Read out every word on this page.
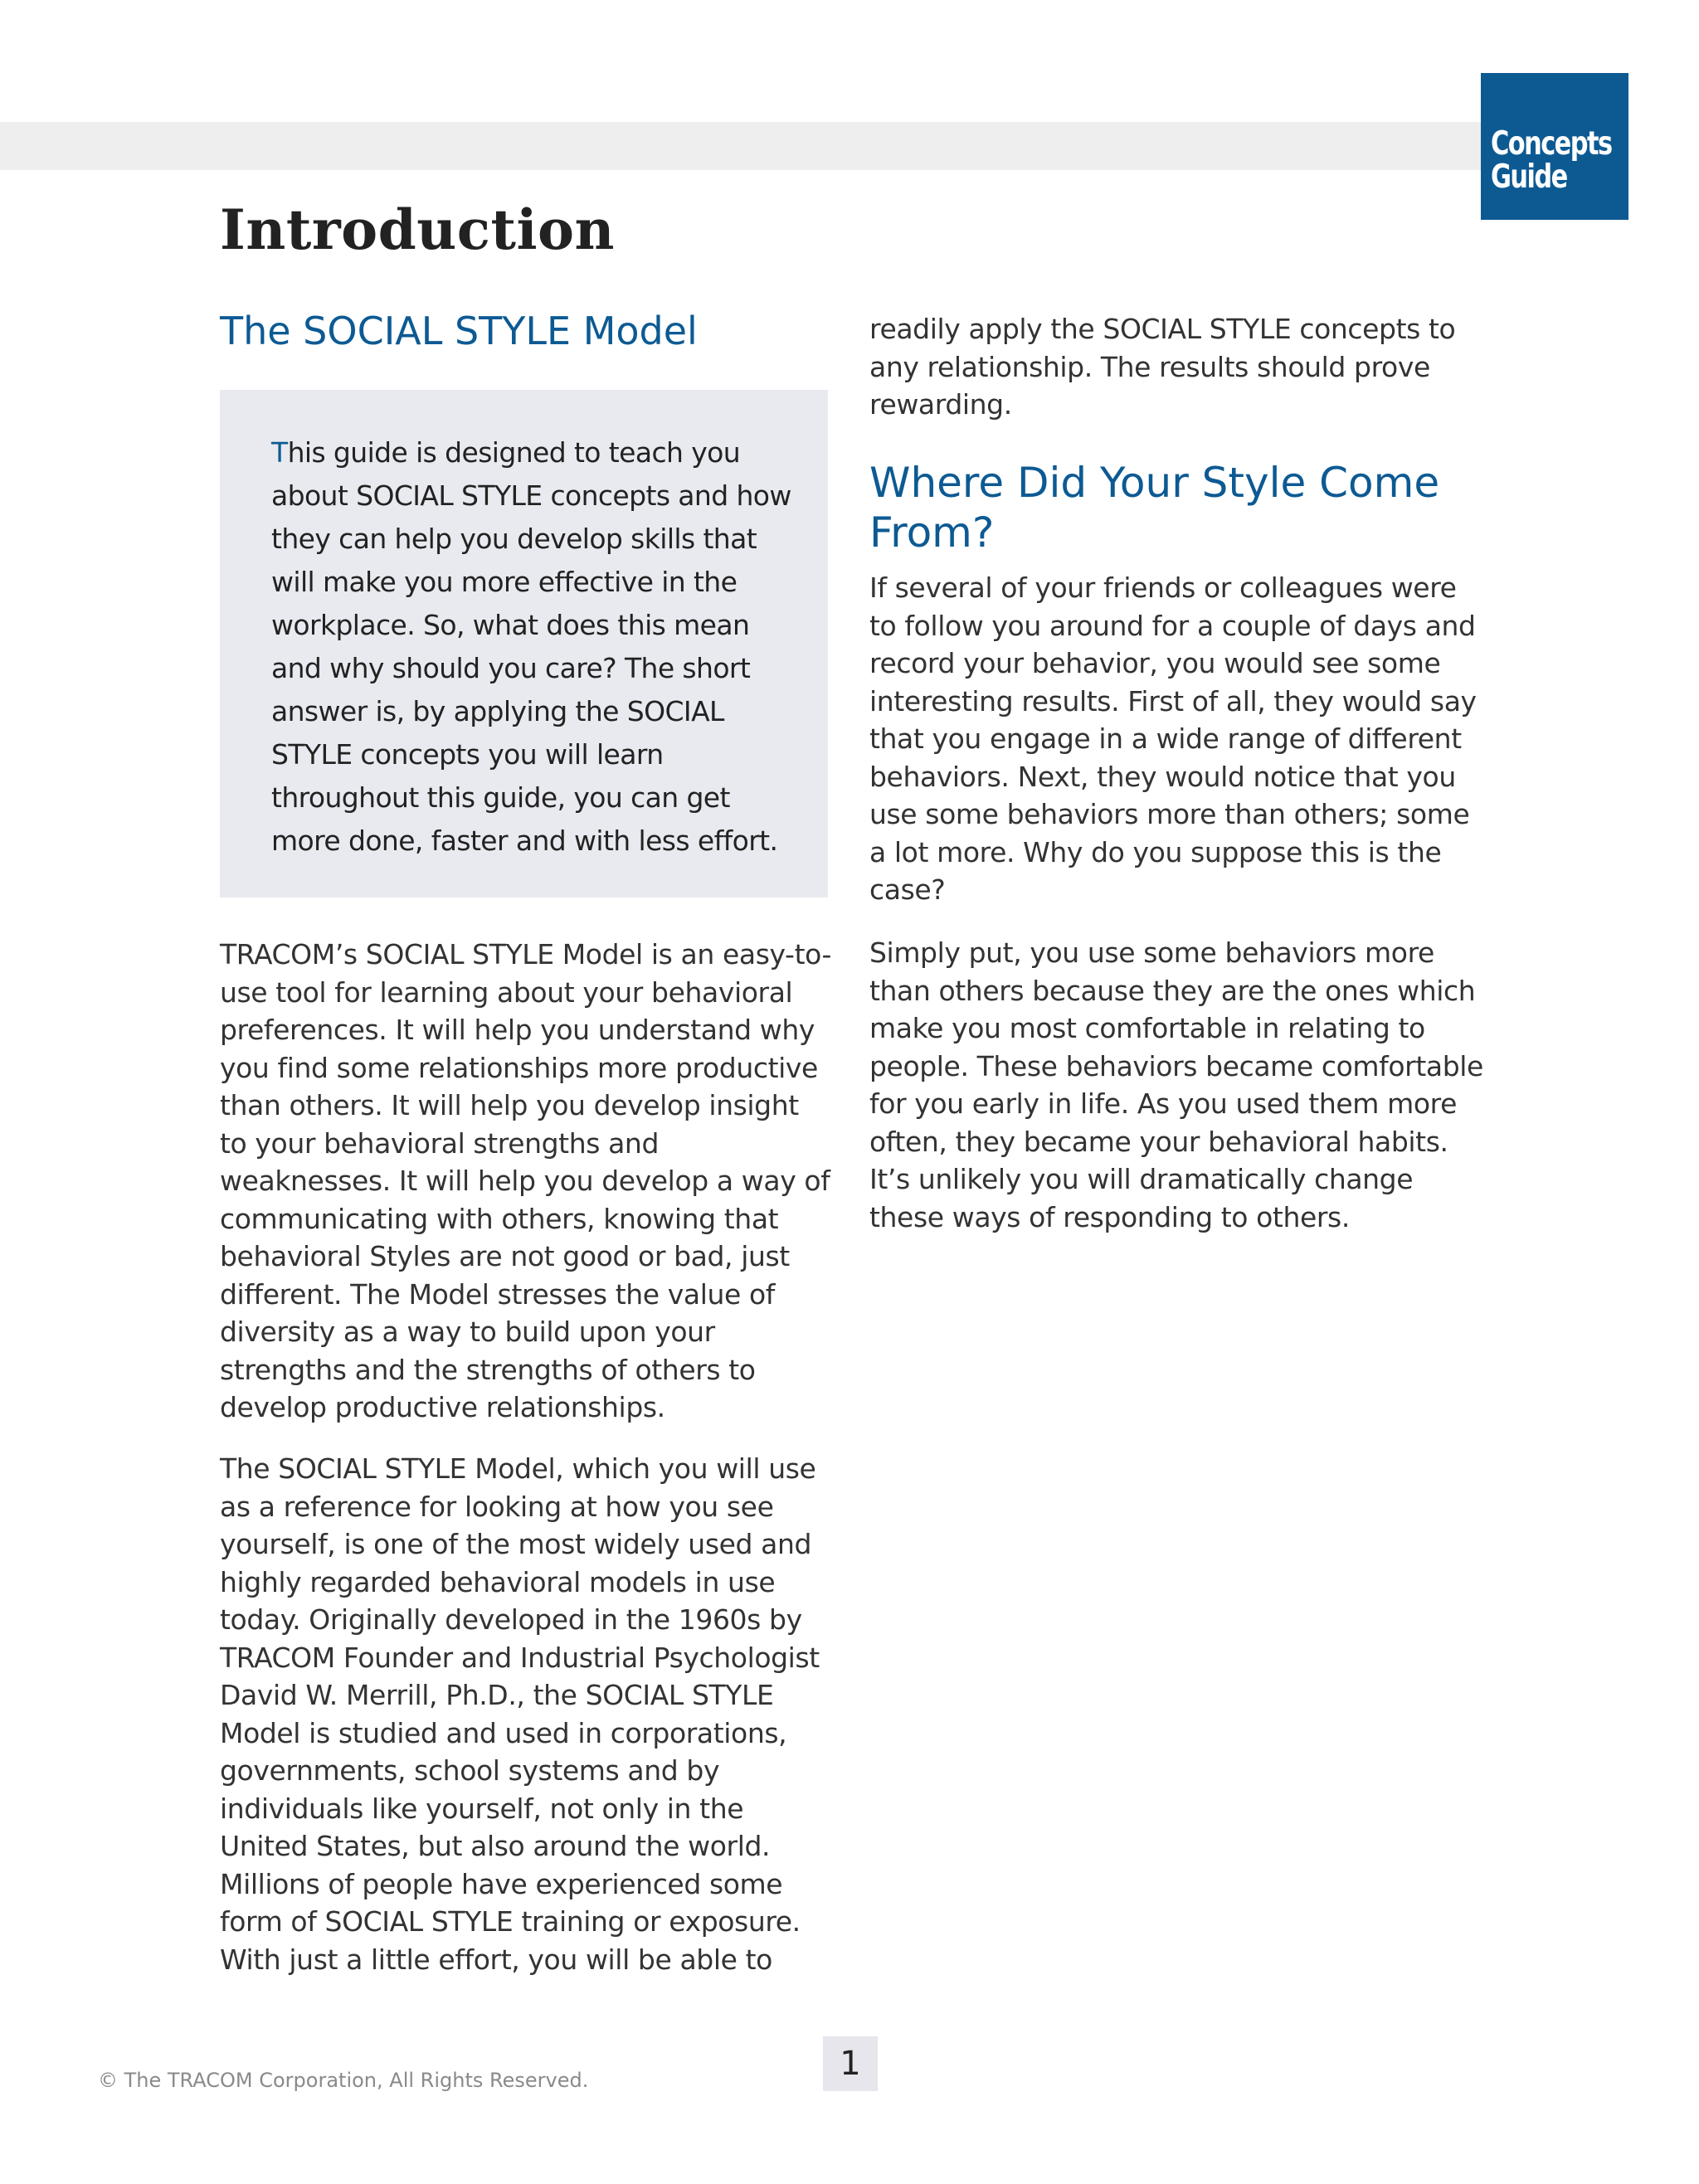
Concepts
Guide
Introduction
The SOCIAL STYLE Model

This guide is designed to teach you about SOCIAL STYLE concepts and how they can help you develop skills that will make you more effective in the workplace. So, what does this mean and why should you care? The short answer is, by applying the SOCIAL STYLE concepts you will learn throughout this guide, you can get more done, faster and with less effort.

TRACOM’s SOCIAL STYLE Model is an easy-to-use tool for learning about your behavioral preferences. It will help you understand why you find some relationships more productive than others. It will help you develop insight to your behavioral strengths and weaknesses. It will help you develop a way of communicating with others, knowing that behavioral Styles are not good or bad, just different. The Model stresses the value of diversity as a way to build upon your strengths and the strengths of others to develop productive relationships.

The SOCIAL STYLE Model, which you will use as a reference for looking at how you see yourself, is one of the most widely used and highly regarded behavioral models in use today. Originally developed in the 1960s by TRACOM Founder and Industrial Psychologist David W. Merrill, Ph.D., the SOCIAL STYLE Model is studied and used in corporations, governments, school systems and by individuals like yourself, not only in the United States, but also around the world. Millions of people have experienced some form of SOCIAL STYLE training or exposure. With just a little effort, you will be able to

readily apply the SOCIAL STYLE concepts to any relationship. The results should prove rewarding.

Where Did Your Style Come From?

If several of your friends or colleagues were to follow you around for a couple of days and record your behavior, you would see some interesting results. First of all, they would say that you engage in a wide range of different behaviors. Next, they would notice that you use some behaviors more than others; some a lot more. Why do you suppose this is the case?

Simply put, you use some behaviors more than others because they are the ones which make you most comfortable in relating to people. These behaviors became comfortable for you early in life. As you used them more often, they became your behavioral habits. It’s unlikely you will dramatically change these ways of responding to others.

1
© The TRACOM Corporation, All Rights Reserved.
